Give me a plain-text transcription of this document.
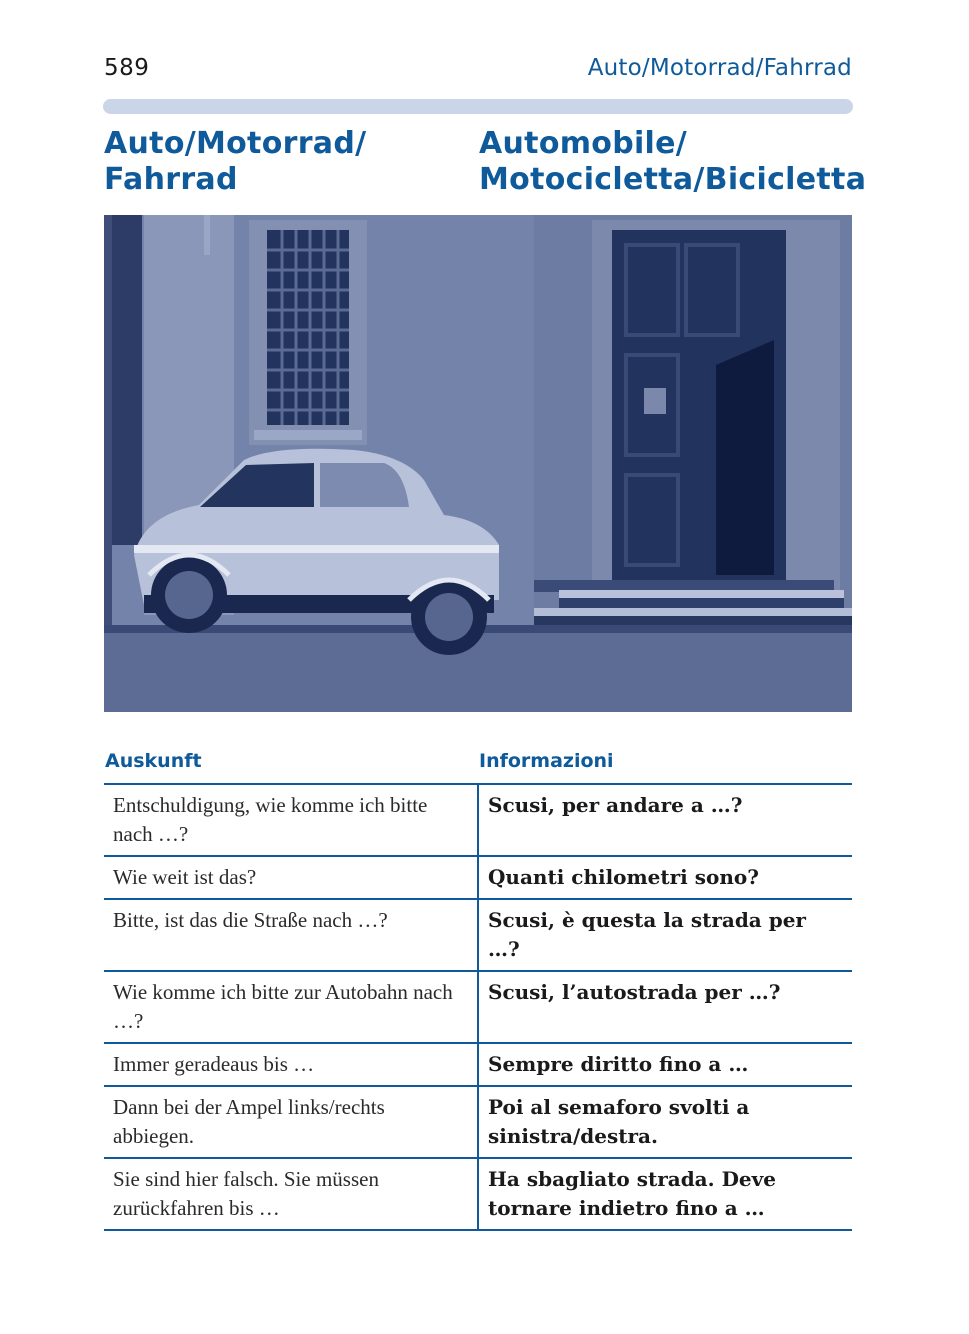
589	Auto/Motorrad/Fahrrad
Auto/Motorrad/
Fahrrad
Automobile/
Motocicletta/Bicicletta
Auskunft	Informazioni
Entschuldigung, wie komme ich bitte nach …?	Scusi, per andare a …?
Wie weit ist das?	Quanti chilometri sono?
Bitte, ist das die Straße nach …?	Scusi, è questa la strada per …?
Wie komme ich bitte zur Autobahn nach …?	Scusi, l’autostrada per …?
Immer geradeaus bis …	Sempre diritto fino a …
Dann bei der Ampel links/rechts abbiegen.	Poi al semaforo svolti a sinistra/destra.
Sie sind hier falsch. Sie müssen zurückfahren bis …	Ha sbagliato strada. Deve tornare indietro fino a …
